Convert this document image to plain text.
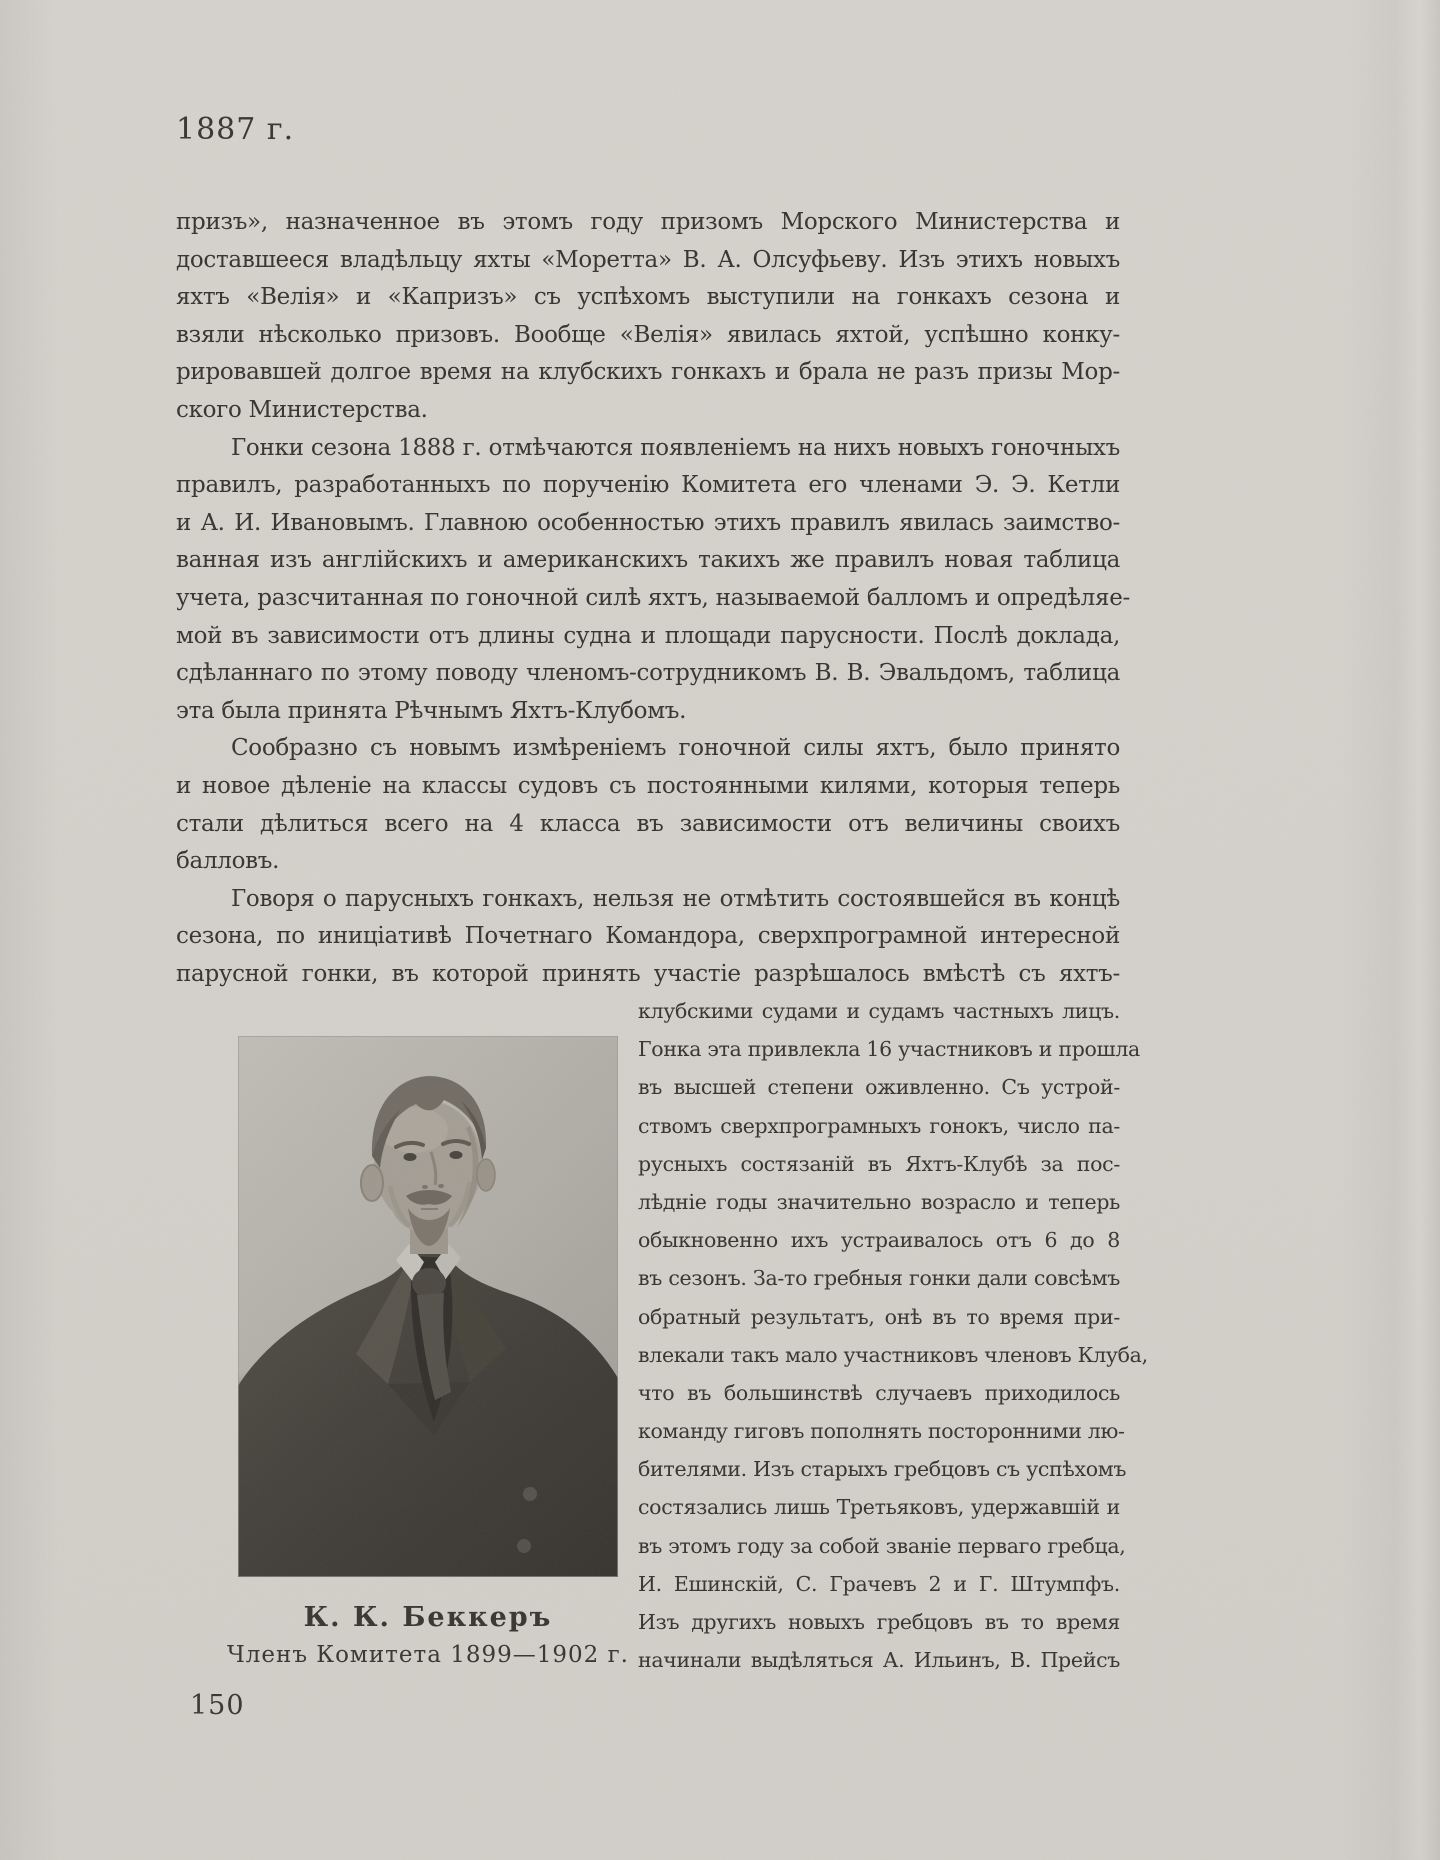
1887 г.
призъ», назначенное въ этомъ году призомъ Морского Министерства и
доставшееся владѣльцу яхты «Моретта» В. А. Олсуфьеву. Изъ этихъ новыхъ
яхтъ «Велія» и «Капризъ» съ успѣхомъ выступили на гонкахъ сезона и
взяли нѣсколько призовъ. Вообще «Велія» явилась яхтой, успѣшно конку-
рировавшей долгое время на клубскихъ гонкахъ и брала не разъ призы Мор-
ского Министерства.
Гонки сезона 1888 г. отмѣчаются появленіемъ на нихъ новыхъ гоночныхъ
правилъ, разработанныхъ по порученію Комитета его членами Э. Э. Кетли
и А. И. Ивановымъ. Главною особенностью этихъ правилъ явилась заимство-
ванная изъ англійскихъ и американскихъ такихъ же правилъ новая таблица
учета, разсчитанная по гоночной силѣ яхтъ, называемой балломъ и опредѣляе-
мой въ зависимости отъ длины судна и площади парусности. Послѣ доклада,
сдѣланнаго по этому поводу членомъ-сотрудникомъ В. В. Эвальдомъ, таблица
эта была принята Рѣчнымъ Яхтъ-Клубомъ.
Сообразно съ новымъ измѣреніемъ гоночной силы яхтъ, было принято
и новое дѣленіе на классы судовъ съ постоянными килями, которыя теперь
стали дѣлиться всего на 4 класса въ зависимости отъ величины своихъ
балловъ.
Говоря о парусныхъ гонкахъ, нельзя не отмѣтить состоявшейся въ концѣ
сезона, по иниціативѣ Почетнаго Командора, сверхпрограмной интересной
парусной гонки, въ которой принять участіе разрѣшалось вмѣстѣ съ яхтъ-
К. К. Беккеръ
Членъ Комитета 1899—1902 г.
клубскими судами и судамъ частныхъ лицъ.
Гонка эта привлекла 16 участниковъ и прошла
въ высшей степени оживленно. Съ устрой-
ствомъ сверхпрограмныхъ гонокъ, число па-
русныхъ состязаній въ Яхтъ-Клубѣ за пос-
лѣдніе годы значительно возрасло и теперь
обыкновенно ихъ устраивалось отъ 6 до 8
въ сезонъ. За-то гребныя гонки дали совсѣмъ
обратный результатъ, онѣ въ то время при-
влекали такъ мало участниковъ членовъ Клуба,
что въ большинствѣ случаевъ приходилось
команду гиговъ пополнять посторонними лю-
бителями. Изъ старыхъ гребцовъ съ успѣхомъ
состязались лишь Третьяковъ, удержавшій и
въ этомъ году за собой званіе перваго гребца,
И. Ешинскій, С. Грачевъ 2 и Г. Штумпфъ.
Изъ другихъ новыхъ гребцовъ въ то время
начинали выдѣляться А. Ильинъ, В. Прейсъ
150
